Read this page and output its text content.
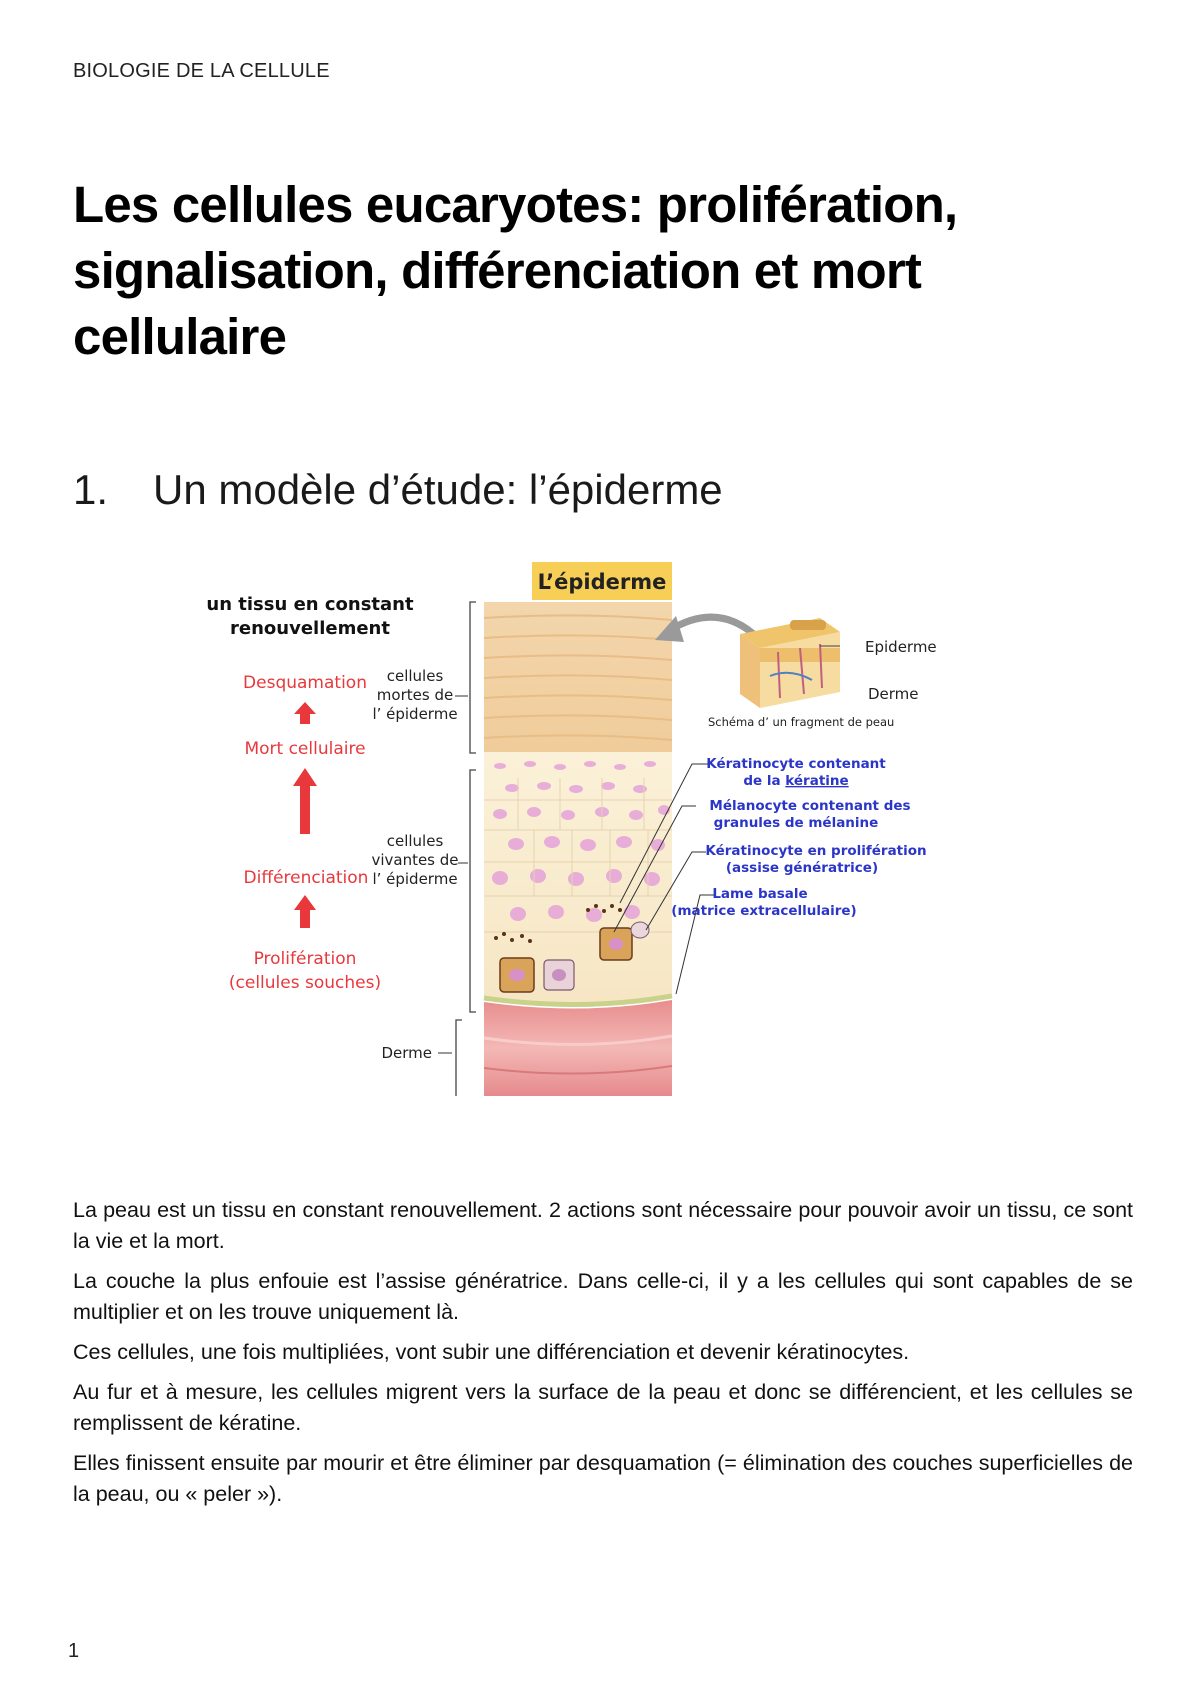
BIOLOGIE DE LA CELLULE
Les cellules eucaryotes: prolifération, signalisation, différenciation et mort cellulaire
1. Un modèle d’étude: l’épiderme
L’épiderme
un tissu en constant
renouvellement
Desquamation
Mort cellulaire
Différenciation
Prolifération
(cellules souches)
cellules
mortes de
l’ épiderme
cellules
vivantes de
l’ épiderme
Derme
Epiderme
Derme
Schéma d’ un fragment de peau
Kératinocyte contenant
de la kératine
Mélanocyte contenant des
granules de mélanine
Kératinocyte en prolifération
(assise génératrice)
Lame basale
(matrice extracellulaire)

La peau est un tissu en constant renouvellement. 2 actions sont nécessaire pour pouvoir avoir un tissu, ce sont la vie et la mort.

La couche la plus enfouie est l’assise génératrice. Dans celle-ci, il y a les cellules qui sont capables de se multiplier et on les trouve uniquement là.

Ces cellules, une fois multipliées, vont subir une différenciation et devenir kératinocytes.

Au fur et à mesure, les cellules migrent vers la surface de la peau et donc se différencient, et les cellules se remplissent de kératine.

Elles finissent ensuite par mourir et être éliminer par desquamation (= élimination des couches superficielles de la peau, ou « peler »).

1
